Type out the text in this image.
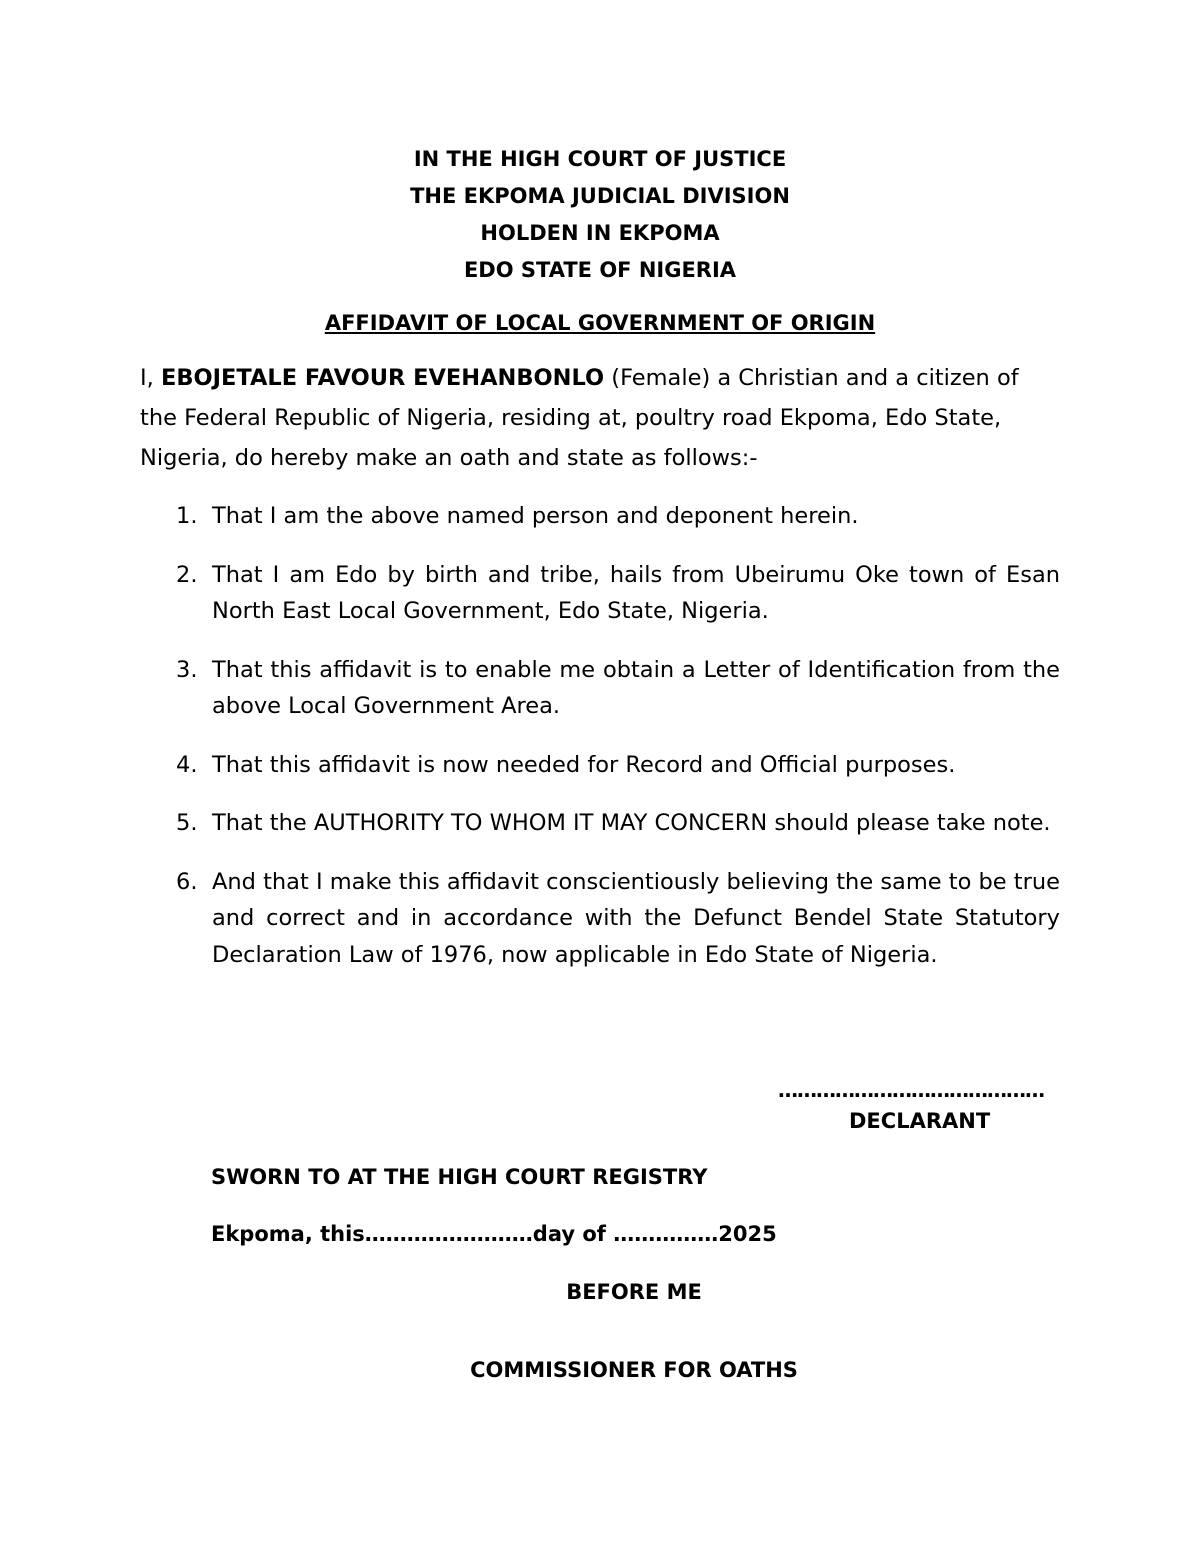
IN THE HIGH COURT OF JUSTICE
THE EKPOMA JUDICIAL DIVISION
HOLDEN IN EKPOMA
EDO STATE OF NIGERIA
AFFIDAVIT OF LOCAL GOVERNMENT OF ORIGIN
I, EBOJETALE FAVOUR EVEHANBONLO (Female) a Christian and a citizen of the Federal Republic of Nigeria, residing at, poultry road Ekpoma, Edo State, Nigeria, do hereby make an oath and state as follows:-
1. That I am the above named person and deponent herein.
2. That I am Edo by birth and tribe, hails from Ubeirumu Oke town of Esan North East Local Government, Edo State, Nigeria.
3. That this affidavit is to enable me obtain a Letter of Identification from the above Local Government Area.
4. That this affidavit is now needed for Record and Official purposes.
5. That the AUTHORITY TO WHOM IT MAY CONCERN should please take note.
6. And that I make this affidavit conscientiously believing the same to be true and correct and in accordance with the Defunct Bendel State Statutory Declaration Law of 1976, now applicable in Edo State of Nigeria.
……………………………………
DECLARANT
SWORN TO AT THE HIGH COURT REGISTRY
Ekpoma, this……………………day of ……………2025
BEFORE ME
COMMISSIONER FOR OATHS
